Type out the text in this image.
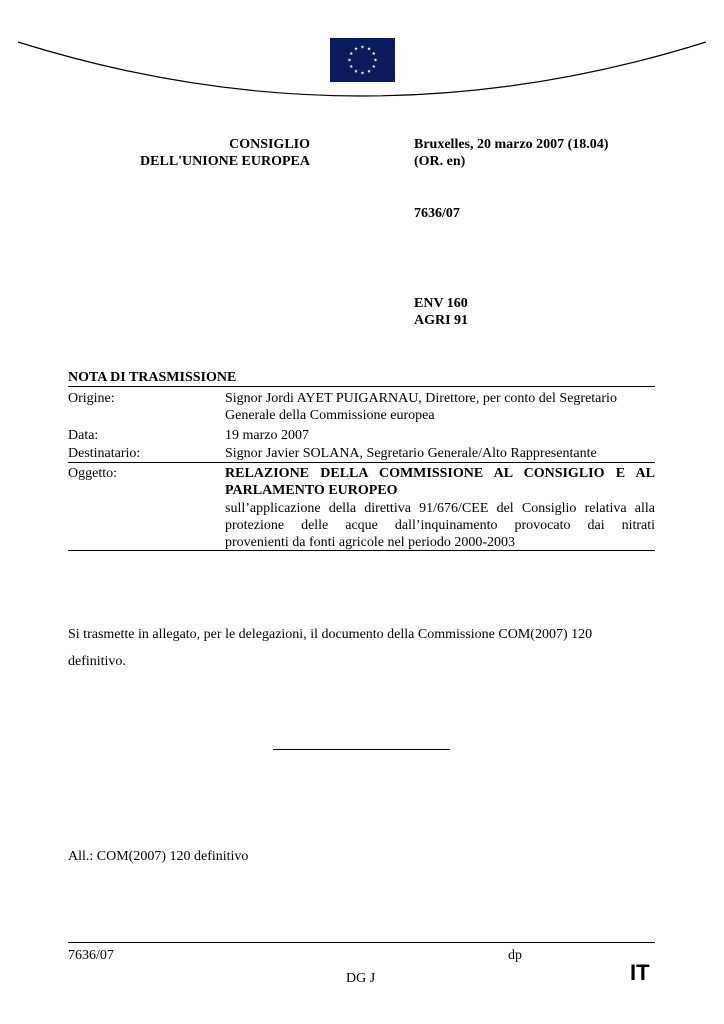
CONSIGLIO
DELL'UNIONE EUROPEA
Bruxelles, 20 marzo 2007 (18.04)
(OR. en)
7636/07
ENV 160
AGRI 91
NOTA DI TRASMISSIONE
Origine:	Signor Jordi AYET PUIGARNAU, Direttore, per conto del Segretario
Generale della Commissione europea
Data:	19 marzo 2007
Destinatario:	Signor Javier SOLANA, Segretario Generale/Alto Rappresentante
Oggetto:	RELAZIONE DELLA COMMISSIONE AL CONSIGLIO E AL
PARLAMENTO EUROPEO
sull’applicazione della direttiva 91/676/CEE del Consiglio relativa alla
protezione delle acque dall’inquinamento provocato dai nitrati
provenienti da fonti agricole nel periodo 2000-2003
Si trasmette in allegato, per le delegazioni, il documento della Commissione COM(2007) 120
definitivo.
All.: COM(2007) 120 definitivo
7636/07	dp
DG J	IT
